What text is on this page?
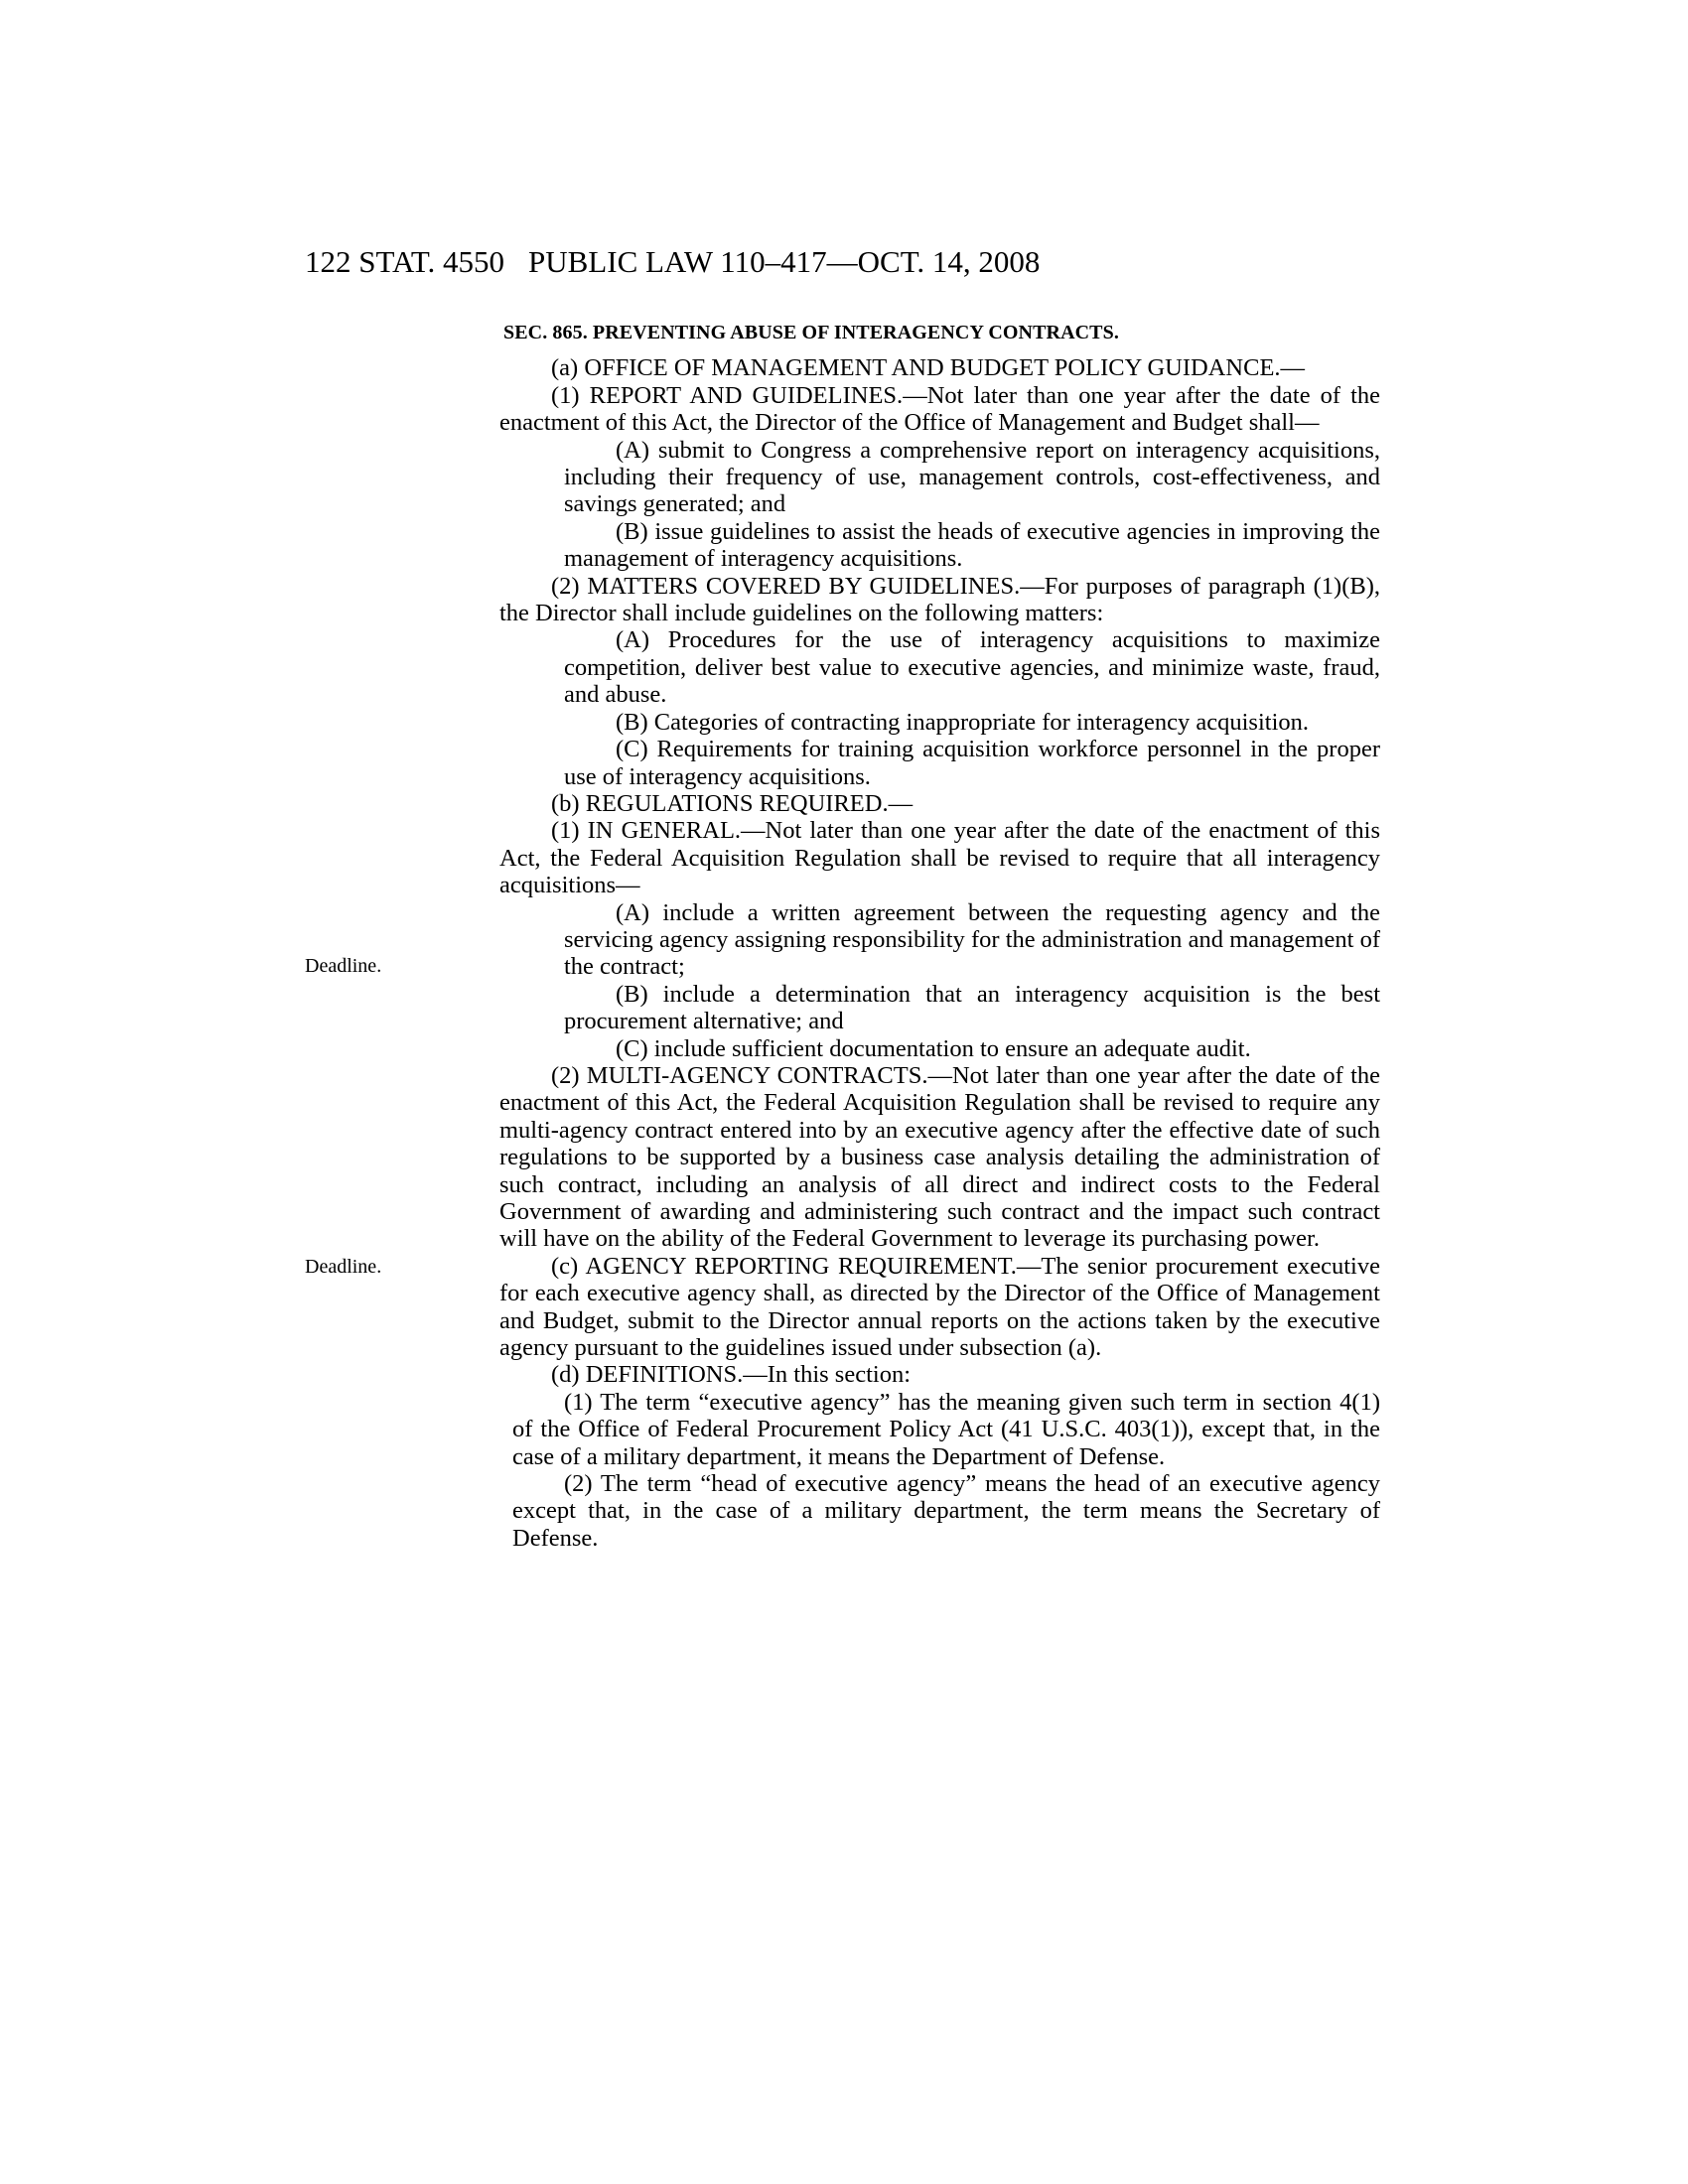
122 STAT. 4550 PUBLIC LAW 110–417—OCT. 14, 2008
Deadline.
Deadline.
SEC. 865. PREVENTING ABUSE OF INTERAGENCY CONTRACTS.

(a) OFFICE OF MANAGEMENT AND BUDGET POLICY GUIDANCE.—

(1) REPORT AND GUIDELINES.—Not later than one year after the date of the enactment of this Act, the Director of the Office of Management and Budget shall—

(A) submit to Congress a comprehensive report on interagency acquisitions, including their frequency of use, management controls, cost-effectiveness, and savings generated; and

(B) issue guidelines to assist the heads of executive agencies in improving the management of interagency acquisitions.

(2) MATTERS COVERED BY GUIDELINES.—For purposes of paragraph (1)(B), the Director shall include guidelines on the following matters:

(A) Procedures for the use of interagency acquisitions to maximize competition, deliver best value to executive agencies, and minimize waste, fraud, and abuse.

(B) Categories of contracting inappropriate for interagency acquisition.

(C) Requirements for training acquisition workforce personnel in the proper use of interagency acquisitions.

(b) REGULATIONS REQUIRED.—

(1) IN GENERAL.—Not later than one year after the date of the enactment of this Act, the Federal Acquisition Regulation shall be revised to require that all interagency acquisitions—

(A) include a written agreement between the requesting agency and the servicing agency assigning responsibility for the administration and management of the contract;

(B) include a determination that an interagency acquisition is the best procurement alternative; and

(C) include sufficient documentation to ensure an adequate audit.

(2) MULTI-AGENCY CONTRACTS.—Not later than one year after the date of the enactment of this Act, the Federal Acquisition Regulation shall be revised to require any multi-agency contract entered into by an executive agency after the effective date of such regulations to be supported by a business case analysis detailing the administration of such contract, including an analysis of all direct and indirect costs to the Federal Government of awarding and administering such contract and the impact such contract will have on the ability of the Federal Government to leverage its purchasing power.

(c) AGENCY REPORTING REQUIREMENT.—The senior procurement executive for each executive agency shall, as directed by the Director of the Office of Management and Budget, submit to the Director annual reports on the actions taken by the executive agency pursuant to the guidelines issued under subsection (a).

(d) DEFINITIONS.—In this section:

(1) The term “executive agency” has the meaning given such term in section 4(1) of the Office of Federal Procurement Policy Act (41 U.S.C. 403(1)), except that, in the case of a military department, it means the Department of Defense.

(2) The term “head of executive agency” means the head of an executive agency except that, in the case of a military department, the term means the Secretary of Defense.
